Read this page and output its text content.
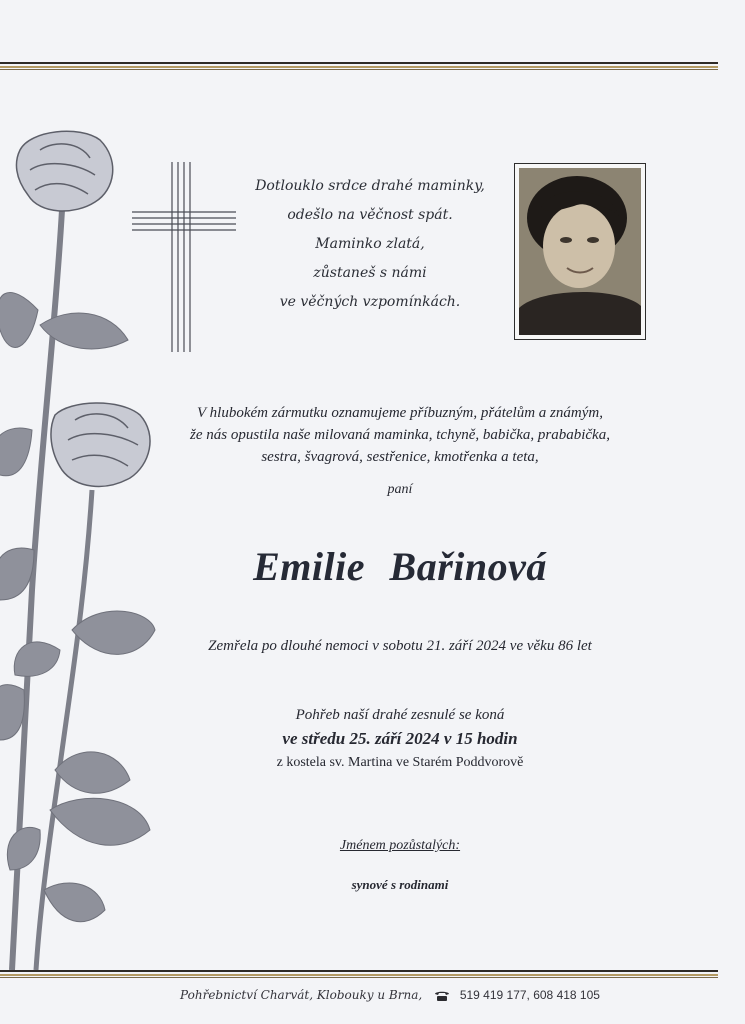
Dotlouklo srdce drahé maminky,
odešlo na věčnost spát.
Maminko zlatá,
zůstaneš s námi
ve věčných vzpomínkách.
V hlubokém zármutku oznamujeme příbuzným, přátelům a známým,
že nás opustila naše milovaná maminka, tchyně, babička, prababička,
sestra, švagrová, sestřenice, kmotřenka a teta,
paní
Emilie Bařinová
Zemřela po dlouhé nemoci v sobotu 21. září 2024 ve věku 86 let
Pohřeb naší drahé zesnulé se koná
ve středu 25. září 2024 v 15 hodin
z kostela sv. Martina ve Starém Poddvorově
Jménem pozůstalých:
synové s rodinami
Pohřebnictví Charvát, Klobouky u Brna,	519 419 177, 608 418 105
